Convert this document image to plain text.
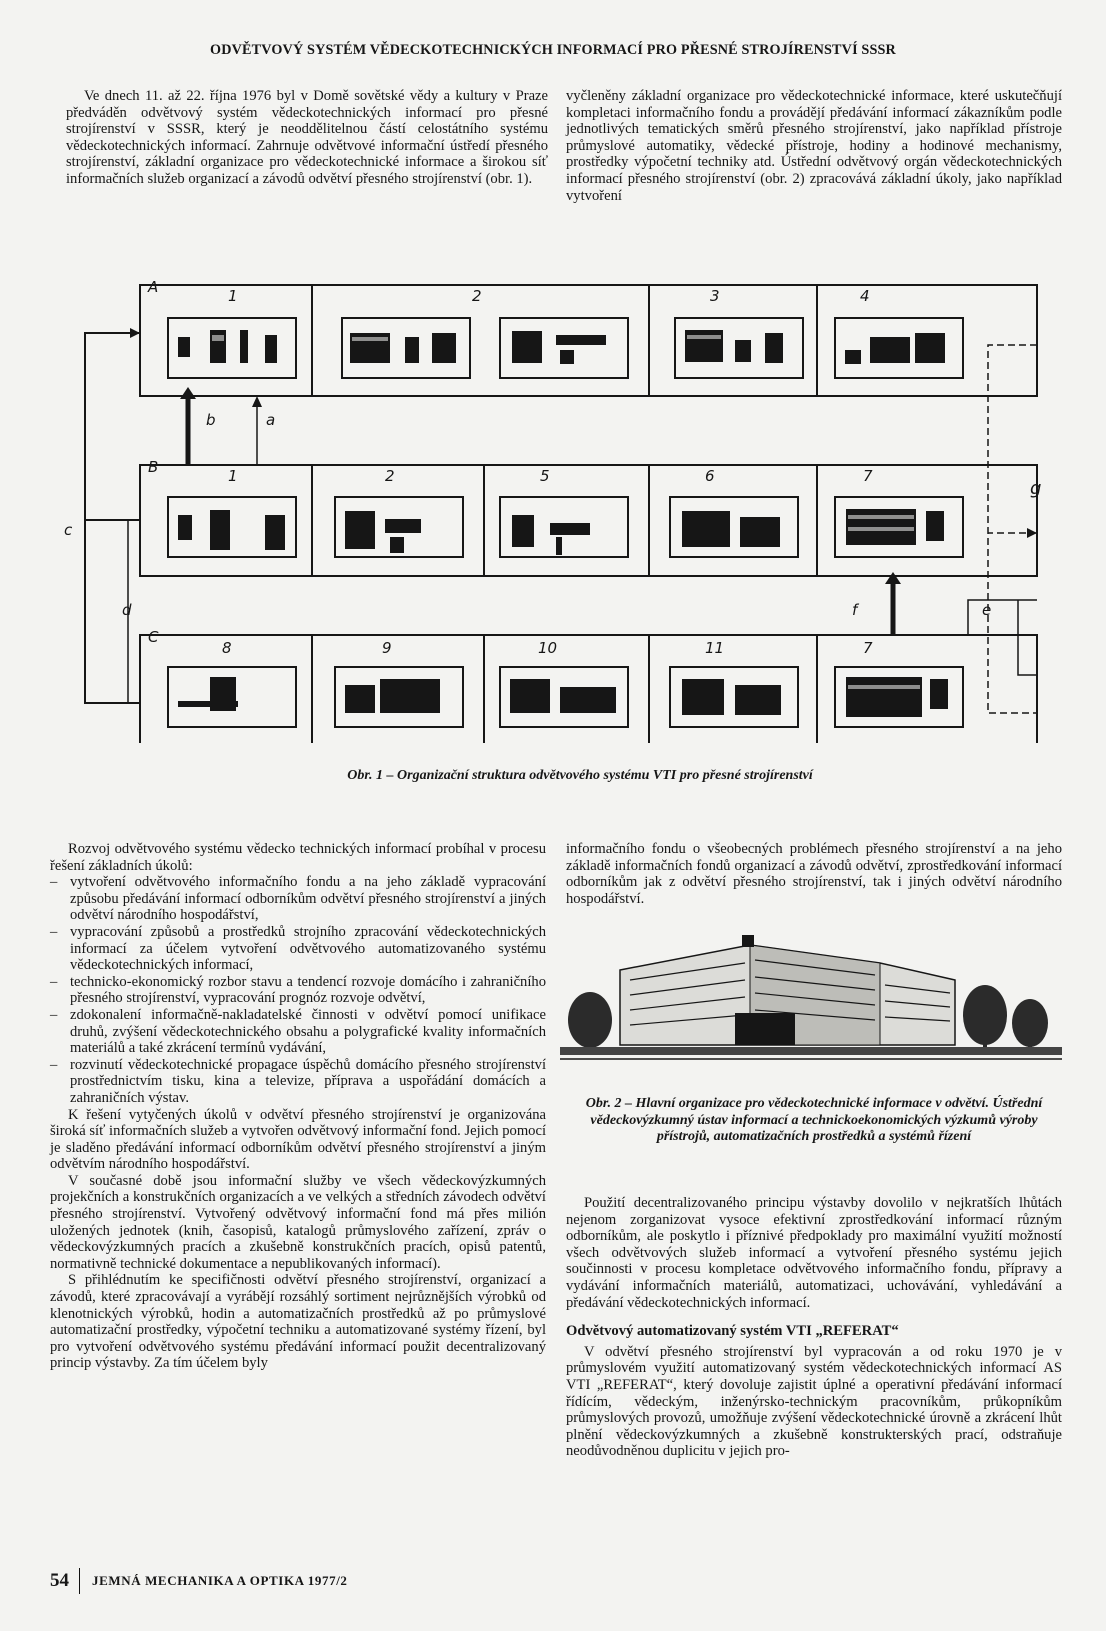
ODVĚTVOVÝ SYSTÉM VĚDECKOTECHNICKÝCH INFORMACÍ PRO PŘESNÉ STROJÍRENSTVÍ SSSR

Ve dnech 11. až 22. října 1976 byl v Domě sovětské vědy a kultury v Praze předváděn odvětvový systém vědeckotechnických informací pro přesné strojírenství v SSSR, který je neoddělitelnou částí celostátního systému vědeckotechnických informací. Zahrnuje odvětvové informační ústředí přesného strojírenství, základní organizace pro vědeckotechnické informace a širokou síť informačních služeb organizací a závodů odvětví přesného strojírenství (obr. 1).

vyčleněny základní organizace pro vědeckotechnické informace, které uskutečňují kompletaci informačního fondu a provádějí předávání informací zákazníkům podle jednotlivých tematických směrů přesného strojírenství, jako například přístroje průmyslové automatiky, vědecké přístroje, hodiny a hodinové mechanismy, prostředky výpočetní techniky atd. Ústřední odvětvový orgán vědeckotechnických informací přesného strojírenství (obr. 2) zpracovává základní úkoly, jako například vytvoření

A
B
C
1	2	3	4
1	2	5	6	7
8	9	10	11	7
b	a
c
d	f	e
g
Obr. 1 – Organizační struktura odvětvového systému VTI pro přesné strojírenství

Rozvoj odvětvového systému vědecko technických informací probíhal v procesu řešení základních úkolů:

– vytvoření odvětvového informačního fondu a na jeho základě vypracování způsobu předávání informací odborníkům odvětví přesného strojírenství a jiných odvětví národního hospodářství,

– vypracování způsobů a prostředků strojního zpracování vědeckotechnických informací za účelem vytvoření odvětvového automatizovaného systému vědeckotechnických informací,

– technicko-ekonomický rozbor stavu a tendencí rozvoje domácího i zahraničního přesného strojírenství, vypracování prognóz rozvoje odvětví,

– zdokonalení informačně-nakladatelské činnosti v odvětví pomocí unifikace druhů, zvýšení vědeckotechnického obsahu a polygrafické kvality informačních materiálů a také zkrácení termínů vydávání,

– rozvinutí vědeckotechnické propagace úspěchů domácího přesného strojírenství prostřednictvím tisku, kina a televize, příprava a uspořádání domácích a zahraničních výstav.

K řešení vytyčených úkolů v odvětví přesného strojírenství je organizována široká síť informačních služeb a vytvořen odvětvový informační fond. Jejich pomocí je sladěno předávání informací odborníkům odvětví přesného strojírenství a jiným odvětvím národního hospodářství.

V současné době jsou informační služby ve všech vědeckovýzkumných projekčních a konstrukčních organizacích a ve velkých a středních závodech odvětví přesného strojírenství. Vytvořený odvětvový informační fond má přes milión uložených jednotek (knih, časopisů, katalogů průmyslového zařízení, zpráv o vědeckovýzkumných pracích a zkušebně konstrukčních pracích, opisů patentů, normativně technické dokumentace a nepublikovaných informací).

S přihlédnutím ke specifičnosti odvětví přesného strojírenství, organizací a závodů, které zpracovávají a vyrábějí rozsáhlý sortiment nejrůznějších výrobků od klenotnických výrobků, hodin a automatizačních prostředků až po průmyslové automatizační prostředky, výpočetní techniku a automatizované systémy řízení, byl pro vytvoření odvětvového systému předávání informací použit decentralizovaný princip výstavby. Za tím účelem byly

informačního fondu o všeobecných problémech přesného strojírenství a na jeho základě informačních fondů organizací a závodů odvětví, zprostředkování informací odborníkům jak z odvětví přesného strojírenství, tak i jiných odvětví národního hospodářství.

Obr. 2 – Hlavní organizace pro vědeckotechnické informace v odvětví. Ústřední vědeckovýzkumný ústav informací a technickoekonomických výzkumů výroby přístrojů, automatizačních prostředků a systémů řízení

Použití decentralizovaného principu výstavby dovolilo v nejkratších lhůtách nejenom zorganizovat vysoce efektivní zprostředkování informací různým odborníkům, ale poskytlo i příznivé předpoklady pro maximální využití možností všech odvětvových služeb informací a vytvoření přesného systému jejich součinnosti v procesu kompletace odvětvového informačního fondu, přípravy a vydávání informačních materiálů, automatizaci, uchovávání, vyhledávání a předávání vědeckotechnických informací.

Odvětvový automatizovaný systém VTI „REFERAT“

V odvětví přesného strojírenství byl vypracován a od roku 1970 je v průmyslovém využití automatizovaný systém vědeckotechnických informací AS VTI „REFERAT“, který dovoluje zajistit úplné a operativní předávání informací řídícím, vědeckým, inženýrsko-technickým pracovníkům, průkopníkům průmyslových provozů, umožňuje zvýšení vědeckotechnické úrovně a zkrácení lhůt plnění vědeckovýzkumných a zkušebně konstrukterských prací, odstraňuje neodůvodněnou duplicitu v jejich pro-

54	JEMNÁ MECHANIKA A OPTIKA 1977/2
